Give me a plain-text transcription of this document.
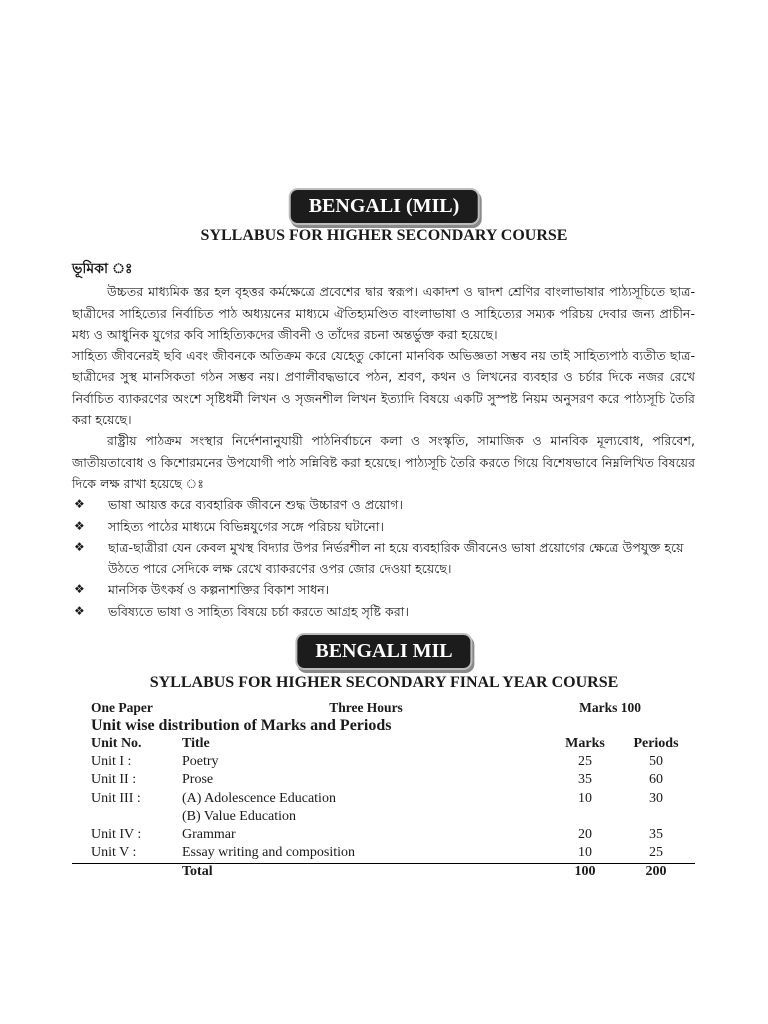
BENGALI (MIL)
SYLLABUS FOR HIGHER SECONDARY COURSE
ভূমিকা ঃ

উচ্চতর মাধ্যমিক স্তর হল বৃহত্তর কর্মক্ষেত্রে প্রবেশের দ্বার স্বরূপ। একাদশ ও দ্বাদশ শ্রেণির বাংলাভাষার পাঠ্যসূচিতে ছাত্র-ছাত্রীদের সাহিত্যের নির্বাচিত পাঠ অধ্যয়নের মাধ্যমে ঐতিহ্যমণ্ডিত বাংলাভাষা ও সাহিত্যের সম্যক পরিচয় দেবার জন্য প্রাচীন-মধ্য ও আধুনিক যুগের কবি সাহিত্যিকদের জীবনী ও তাঁদের রচনা অন্তর্ভুক্ত করা হয়েছে।

সাহিত্য জীবনেরই ছবি এবং জীবনকে অতিক্রম করে যেহেতু কোনো মানবিক অভিজ্ঞতা সম্ভব নয় তাই সাহিত্যপাঠ ব্যতীত ছাত্র-ছাত্রীদের সুস্থ মানসিকতা গঠন সম্ভব নয়। প্রণালীবদ্ধভাবে পঠন, শ্রবণ, কথন ও লিখনের ব্যবহার ও চর্চার দিকে নজর রেখে নির্বাচিত ব্যাকরণের অংশে সৃষ্টিধর্মী লিখন ও সৃজনশীল লিখন ইত্যাদি বিষয়ে একটি সুস্পষ্ট নিয়ম অনুসরণ করে পাঠ্যসূচি তৈরি করা হয়েছে।

রাষ্ট্রীয় পাঠক্রম সংস্থার নির্দেশনানুযায়ী পাঠনির্বাচনে কলা ও সংস্কৃতি, সামাজিক ও মানবিক মূল্যবোধ, পরিবেশ, জাতীয়তাবোধ ও কিশোরমনের উপযোগী পাঠ সন্নিবিষ্ট করা হয়েছে। পাঠ্যসূচি তৈরি করতে গিয়ে বিশেষভাবে নিম্নলিখিত বিষয়ের দিকে লক্ষ রাখা হয়েছে ঃ

❖ ভাষা আয়ত্ত করে ব্যবহারিক জীবনে শুদ্ধ উচ্চারণ ও প্রয়োগ।
❖ সাহিত্য পাঠের মাধ্যমে বিভিন্নযুগের সঙ্গে পরিচয় ঘটানো।
❖ ছাত্র-ছাত্রীরা যেন কেবল মুখস্থ বিদ্যার উপর নির্ভরশীল না হয়ে ব্যবহারিক জীবনেও ভাষা প্রয়োগের ক্ষেত্রে উপযুক্ত হয়ে উঠতে পারে সেদিকে লক্ষ রেখে ব্যাকরণের ওপর জোর দেওয়া হয়েছে।
❖ মানসিক উৎকর্ষ ও কল্পনাশক্তির বিকাশ সাধন।
❖ ভবিষ্যতে ভাষা ও সাহিত্য বিষয়ে চর্চা করতে আগ্রহ সৃষ্টি করা।
BENGALI MIL
SYLLABUS FOR HIGHER SECONDARY FINAL YEAR COURSE
One Paper	Three Hours	Marks 100
Unit wise distribution of Marks and Periods
Unit No.	Title	Marks	Periods
Unit I :	Poetry	25	50
Unit II :	Prose	35	60
Unit III :	(A) Adolescence Education	10	30
	(B) Value Education		
Unit IV :	Grammar	20	35
Unit V :	Essay writing and composition	10	25
	Total	100	200
